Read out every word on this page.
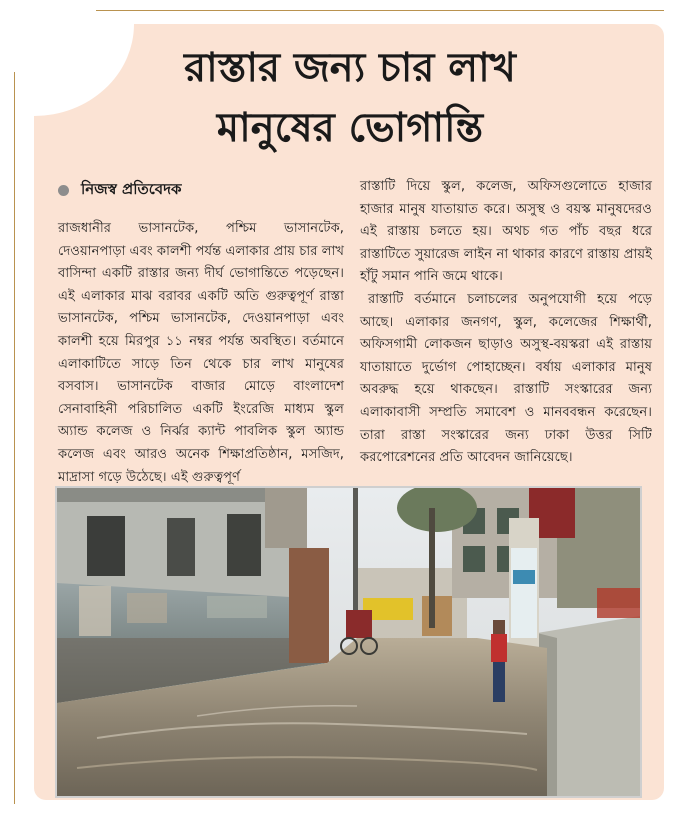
রাস্তার জন্য চার লাখ
মানুষের ভোগান্তি
নিজস্ব প্রতিবেদক

রাজধানীর ভাসানটেক, পশ্চিম ভাসানটেক, দেওয়ানপাড়া এবং কালশী পর্যন্ত এলাকার প্রায় চার লাখ বাসিন্দা একটি রাস্তার জন্য দীর্ঘ ভোগান্তিতে পড়েছেন। এই এলাকার মাঝ বরাবর একটি অতি গুরুত্বপূর্ণ রাস্তা ভাসানটেক, পশ্চিম ভাসানটেক, দেওয়ানপাড়া এবং কালশী হয়ে মিরপুর ১১ নম্বর পর্যন্ত অবস্থিত। বর্তমানে এলাকাটিতে সাড়ে তিন থেকে চার লাখ মানুষের বসবাস। ভাসানটেক বাজার মোড়ে বাংলাদেশ সেনাবাহিনী পরিচালিত একটি ইংরেজি মাধ্যম স্কুল অ্যান্ড কলেজ ও নির্ঝর ক্যান্ট পাবলিক স্কুল অ্যান্ড কলেজ এবং আরও অনেক শিক্ষাপ্রতিষ্ঠান, মসজিদ, মাদ্রাসা গড়ে উঠেছে। এই গুরুত্বপূর্ণ

রাস্তাটি দিয়ে স্কুল, কলেজ, অফিসগুলোতে হাজার হাজার মানুষ যাতায়াত করে। অসুস্থ ও বয়স্ক মানুষদেরও এই রাস্তায় চলতে হয়। অথচ গত পাঁচ বছর ধরে রাস্তাটিতে সুয়ারেজ লাইন না থাকার কারণে রাস্তায় প্রায়ই হাঁটু সমান পানি জমে থাকে।

রাস্তাটি বর্তমানে চলাচলের অনুপযোগী হয়ে পড়ে আছে। এলাকার জনগণ, স্কুল, কলেজের শিক্ষার্থী, অফিসগামী লোকজন ছাড়াও অসুস্থ-বয়স্করা এই রাস্তায় যাতায়াতে দুর্ভোগ পোহাচ্ছেন। বর্ষায় এলাকার মানুষ অবরুদ্ধ হয়ে থাকছেন। রাস্তাটি সংস্কারের জন্য এলাকাবাসী সম্প্রতি সমাবেশ ও মানববন্ধন করেছেন। তারা রাস্তা সংস্কারের জন্য ঢাকা উত্তর সিটি করপোরেশনের প্রতি আবেদন জানিয়েছে।
